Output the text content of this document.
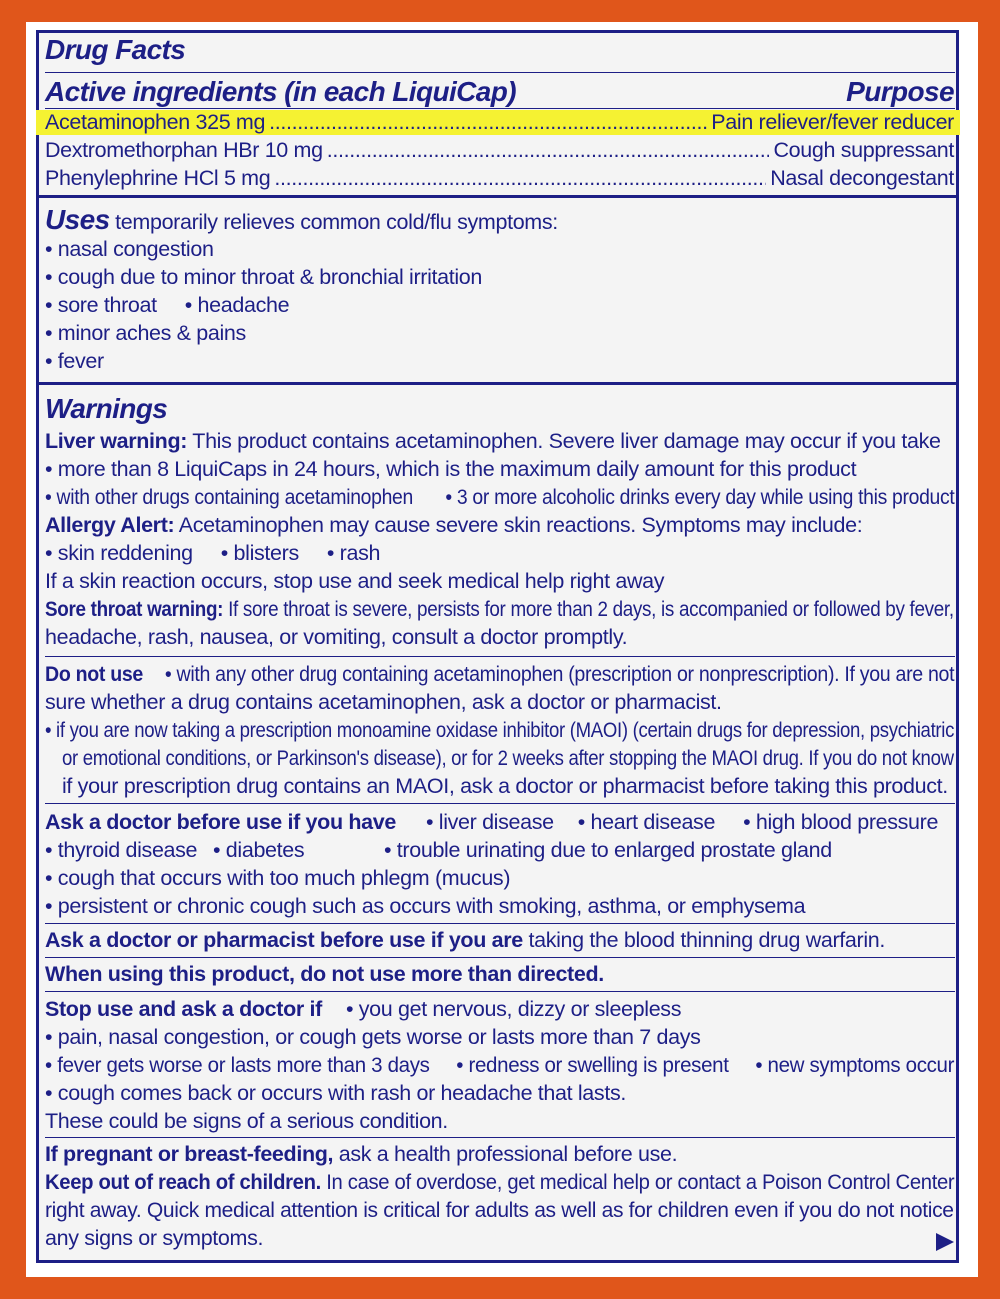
Drug Facts
Active ingredients (in each LiquiCap)	Purpose
Acetaminophen 325 mg .....	Pain reliever/fever reducer
Dextromethorphan HBr 10 mg .....	Cough suppressant
Phenylephrine HCl 5 mg .....	Nasal decongestant
Uses temporarily relieves common cold/flu symptoms:
• nasal congestion
• cough due to minor throat & bronchial irritation
• sore throat • headache
• minor aches & pains
• fever
Warnings
Liver warning: This product contains acetaminophen. Severe liver damage may occur if you take
• more than 8 LiquiCaps in 24 hours, which is the maximum daily amount for this product
• with other drugs containing acetaminophen • 3 or more alcoholic drinks every day while using this product
Allergy Alert: Acetaminophen may cause severe skin reactions. Symptoms may include:
• skin reddening • blisters • rash
If a skin reaction occurs, stop use and seek medical help right away
Sore throat warning: If sore throat is severe, persists for more than 2 days, is accompanied or followed by fever,
headache, rash, nausea, or vomiting, consult a doctor promptly.
Do not use • with any other drug containing acetaminophen (prescription or nonprescription). If you are not
sure whether a drug contains acetaminophen, ask a doctor or pharmacist.
• if you are now taking a prescription monoamine oxidase inhibitor (MAOI) (certain drugs for depression, psychiatric
or emotional conditions, or Parkinson's disease), or for 2 weeks after stopping the MAOI drug. If you do not know
if your prescription drug contains an MAOI, ask a doctor or pharmacist before taking this product.
Ask a doctor before use if you have • liver disease • heart disease • high blood pressure
• thyroid disease • diabetes	• trouble urinating due to enlarged prostate gland
• cough that occurs with too much phlegm (mucus)
• persistent or chronic cough such as occurs with smoking, asthma, or emphysema
Ask a doctor or pharmacist before use if you are taking the blood thinning drug warfarin.
When using this product, do not use more than directed.
Stop use and ask a doctor if • you get nervous, dizzy or sleepless
• pain, nasal congestion, or cough gets worse or lasts more than 7 days
• fever gets worse or lasts more than 3 days • redness or swelling is present • new symptoms occur
• cough comes back or occurs with rash or headache that lasts.
These could be signs of a serious condition.
If pregnant or breast-feeding, ask a health professional before use.
Keep out of reach of children. In case of overdose, get medical help or contact a Poison Control Center
right away. Quick medical attention is critical for adults as well as for children even if you do not notice
any signs or symptoms.
